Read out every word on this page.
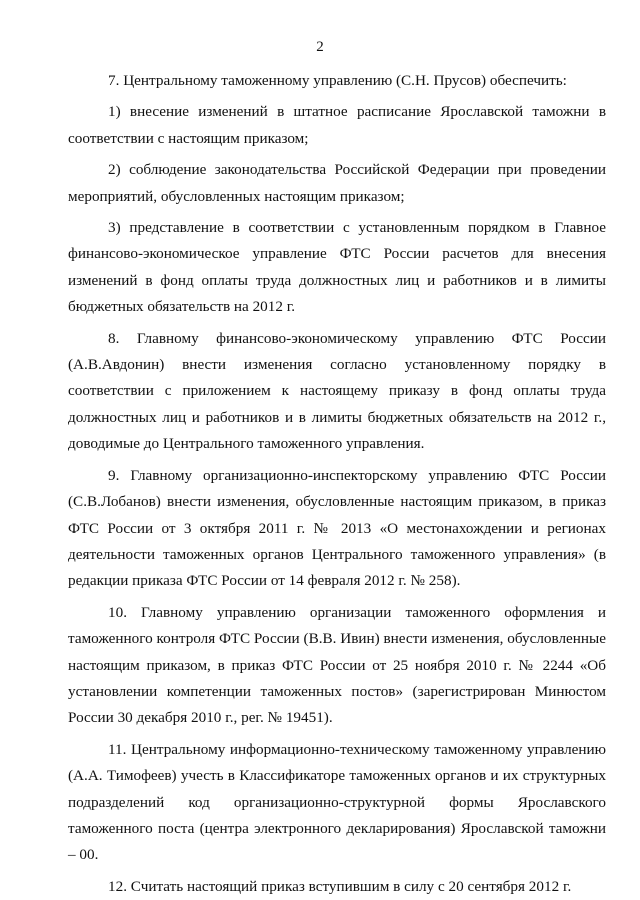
2

7. Центральному таможенному управлению (С.Н. Прусов) обеспечить:

1) внесение изменений в штатное расписание Ярославской таможни в соответствии с настоящим приказом;

2) соблюдение законодательства Российской Федерации при проведении мероприятий, обусловленных настоящим приказом;

3) представление в соответствии с установленным порядком в Главное финансово-экономическое управление ФТС России расчетов для внесения изменений в фонд оплаты труда должностных лиц и работников и в лимиты бюджетных обязательств на 2012 г.

8. Главному финансово-экономическому управлению ФТС России (А.В.Авдонин) внести изменения согласно установленному порядку в соответствии с приложением к настоящему приказу в фонд оплаты труда должностных лиц и работников и в лимиты бюджетных обязательств на 2012 г., доводимые до Центрального таможенного управления.

9. Главному организационно-инспекторскому управлению ФТС России (С.В.Лобанов) внести изменения, обусловленные настоящим приказом, в приказ ФТС России от 3 октября 2011 г. № 2013 «О местонахождении и регионах деятельности таможенных органов Центрального таможенного управления» (в редакции приказа ФТС России от 14 февраля 2012 г. № 258).

10. Главному управлению организации таможенного оформления и таможенного контроля ФТС России (В.В. Ивин) внести изменения, обусловленные настоящим приказом, в приказ ФТС России от 25 ноября 2010 г. № 2244 «Об установлении компетенции таможенных постов» (зарегистрирован Минюстом России 30 декабря 2010 г., рег. № 19451).

11. Центральному информационно-техническому таможенному управлению (А.А. Тимофеев) учесть в Классификаторе таможенных органов и их структурных подразделений код организационно-структурной формы Ярославского таможенного поста (центра электронного декларирования) Ярославской таможни – 00.

12. Считать настоящий приказ вступившим в силу с 20 сентября 2012 г.
